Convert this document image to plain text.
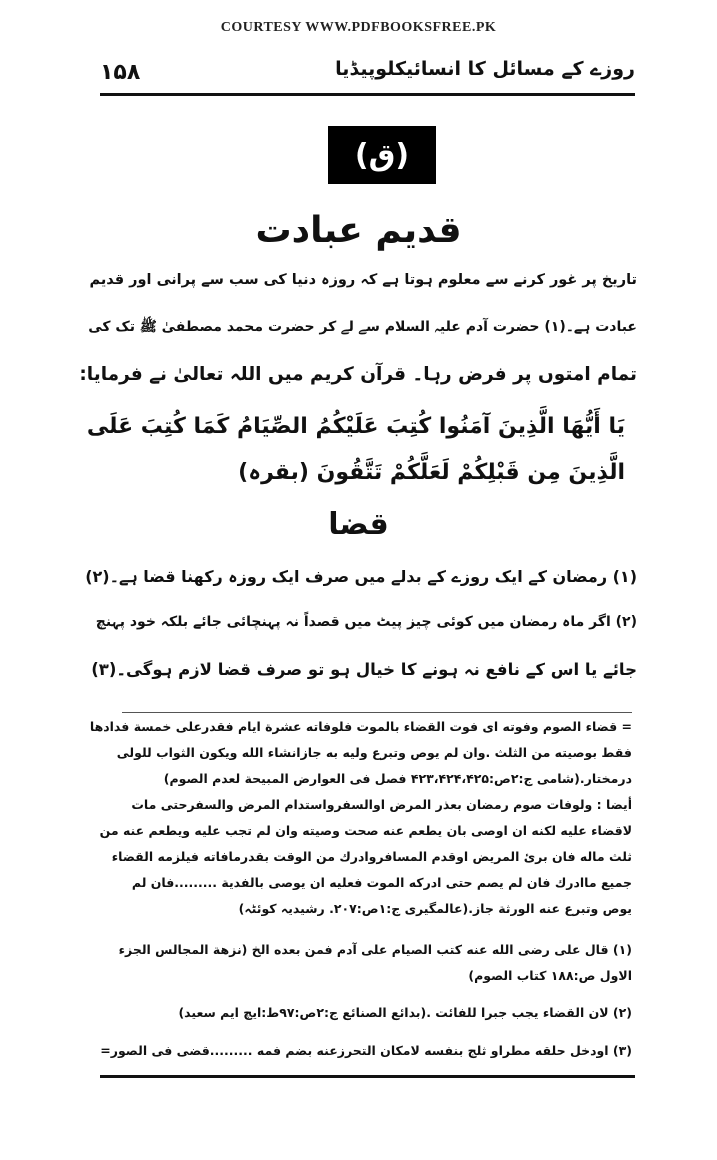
COURTESY WWW.PDFBOOKSFREE.PK
۱۵۸	روزے کے مسائل کا انسائیکلوپیڈیا
(ق)
قدیم عبادت
تاریخ پر غور کرنے سے معلوم ہوتا ہے کہ روزہ دنیا کی سب سے پرانی اور قدیم
عبادت ہے۔(۱) حضرت آدم علیہ السلام سے لے کر حضرت محمد مصطفیٰ ﷺ تک کی
تمام امتوں پر فرض رہا۔ قرآن کریم میں اللہ تعالیٰ نے فرمایا:
يَا أَيُّهَا الَّذِينَ آمَنُوا كُتِبَ عَلَيْكُمُ الصِّيَامُ كَمَا كُتِبَ عَلَى
الَّذِينَ مِن قَبْلِكُمْ لَعَلَّكُمْ تَتَّقُونَ (بقرہ)
قضا
(۱) رمضان کے ایک روزے کے بدلے میں صرف ایک روزہ رکھنا قضا ہے۔(۲)
(۲) اگر ماہ رمضان میں کوئی چیز پیٹ میں قصداً نہ پہنچائی جائے بلکہ خود پہنچ
جائے یا اس کے نافع نہ ہونے کا خیال ہو تو صرف قضا لازم ہوگی۔(۳)
= قضاء الصوم وفوته اى فوت القضاء بالموت فلوفاته عشرة ايام فقدرعلى خمسة فدادها
فقط بوصيته من الثلث .وان لم يوص وتبرع وليه به جازانشاء الله ويكون الثواب للولى
درمختار.(شامى ج:۲ص:۴۲۳،۴۲۴،۴۲۵ فصل فى العوارض المبيحة لعدم الصوم)
أيضا : ولوفات صوم رمضان بعذر المرض اوالسفرواستدام المرض والسفرحتى مات
لاقضاء عليه لكنه ان اوصى بان يطعم عنه صحت وصيته وان لم تجب عليه ويطعم عنه من
ثلث ماله فان برئ المريض اوقدم المسافروادرك من الوقت بقدرمافاته فيلزمه القضاء
جميع ماادرك فان لم يصم حتى ادركه الموت فعليه ان يوصى بالفدية .........فان لم
يوص وتبرع عنه الورثة جاز.(عالمگیری ج:۱ص:۲۰۷. رشیدیہ کوئٹہ)
(۱) قال على رضى الله عنه كتب الصيام على آدم فمن بعده الخ (نزهة المجالس الجزء
الاول ص:۱۸۸ كتاب الصوم)
(۲) لان القضاء يجب جبرا للفائت .(بدائع الصنائع ج:۲ص:۹۷ط:ایچ ایم سعید)
(۳) اودخل حلقه مطراو ثلج بنفسه لامكان التحرزعنه بضم فمه .........قضى فى الصور=
